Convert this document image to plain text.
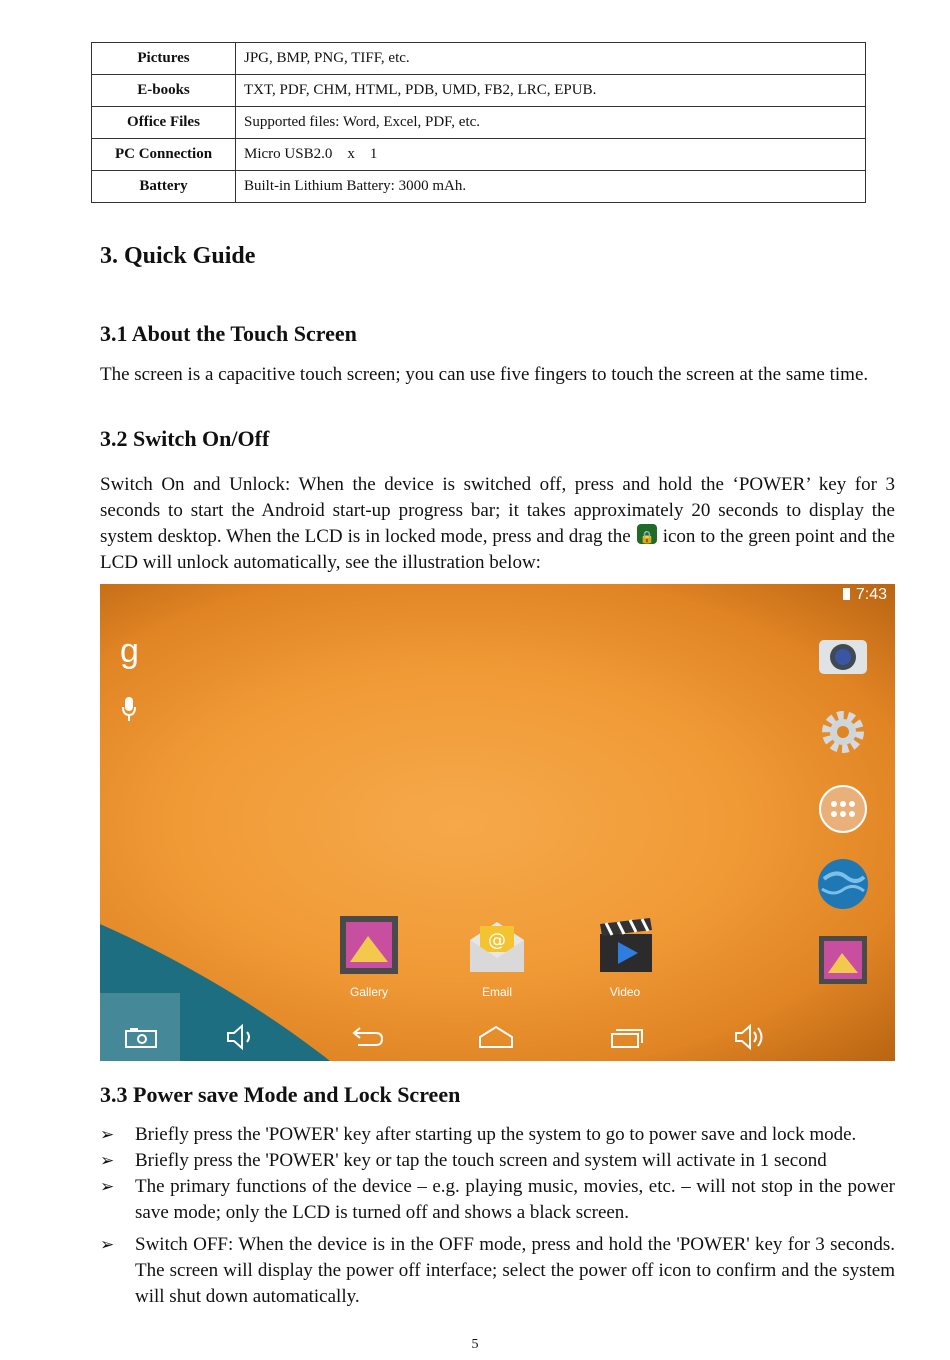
Pictures	JPG, BMP, PNG, TIFF, etc.
E-books	TXT, PDF, CHM, HTML, PDB, UMD, FB2, LRC, EPUB.
Office Files	Supported files: Word, Excel, PDF, etc.
PC Connection	Micro USB2.0    x    1
Battery	Built-in Lithium Battery: 3000 mAh.
3. Quick Guide
3.1 About the Touch Screen

The screen is a capacitive touch screen; you can use five fingers to touch the screen at the same time.

3.2 Switch On/Off

Switch On and Unlock: When the device is switched off, press and hold the ‘POWER’ key for 3 seconds to start the Android start-up progress bar; it takes approximately 20 seconds to display the system desktop. When the LCD is in locked mode, press and drag the 🔒 icon to the green point and the LCD will unlock automatically, see the illustration below:

7:43
g
Gallery
@
Email	Video
3.3 Power save Mode and Lock Screen
➢ Briefly press the 'POWER' key after starting up the system to go to power save and lock mode.
➢ Briefly press the 'POWER' key or tap the touch screen and system will activate in 1 second
➢ The primary functions of the device – e.g. playing music, movies, etc. – will not stop in the power save mode; only the LCD is turned off and shows a black screen.
➢ Switch OFF: When the device is in the OFF mode, press and hold the 'POWER' key for 3 seconds. The screen will display the power off interface; select the power off icon to confirm and the system will shut down automatically.
5
